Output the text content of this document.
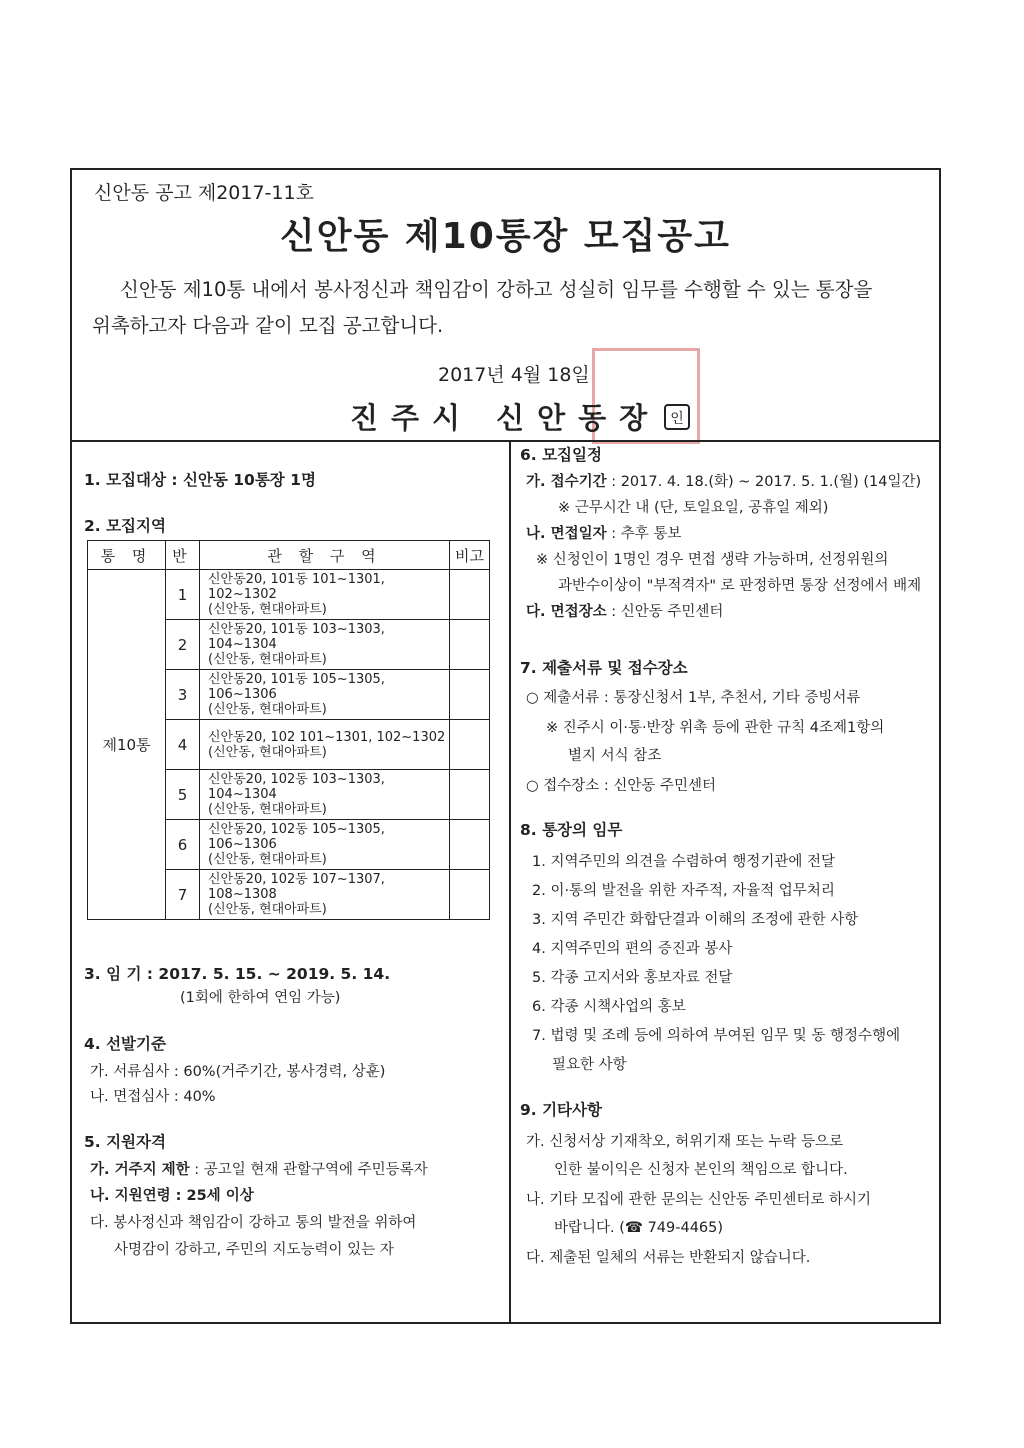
신안동 공고 제2017-11호
신안동 제10통장 모집공고
신안동 제10통 내에서 봉사정신과 책임감이 강하고 성실히 임무를 수행할 수 있는 통장을
위촉하고자 다음과 같이 모집 공고합니다.
2017년 4월 18일
진주시 신안동장 인
1. 모집대상 : 신안동 10통장 1명
2. 모집지역
통 명	반	관 할 구 역	비고
제10통	1	신안동20, 101동 101~1301, 102~1302
(신안동, 현대아파트)	

	2	신안동20, 101동 103~1303, 104~1304
(신안동, 현대아파트)	

	3	신안동20, 101동 105~1305, 106~1306
(신안동, 현대아파트)	

	4	신안동20, 102 101~1301, 102~1302
(신안동, 현대아파트)	

	5	신안동20, 102동 103~1303, 104~1304
(신안동, 현대아파트)	

	6	신안동20, 102동 105~1305, 106~1306
(신안동, 현대아파트)	

	7	신안동20, 102동 107~1307, 108~1308
(신안동, 현대아파트)	

3. 임 기 : 2017. 5. 15. ~ 2019. 5. 14.
(1회에 한하여 연임 가능)
4. 선발기준
가. 서류심사 : 60%(거주기간, 봉사경력, 상훈)
나. 면접심사 : 40%
5. 지원자격
가. 거주지 제한 : 공고일 현재 관할구역에 주민등록자
나. 지원연령 : 25세 이상
다. 봉사정신과 책임감이 강하고 통의 발전을 위하여
사명감이 강하고, 주민의 지도능력이 있는 자
6. 모집일정
가. 접수기간 : 2017. 4. 18.(화) ~ 2017. 5. 1.(월) (14일간)
※ 근무시간 내 (단, 토일요일, 공휴일 제외)
나. 면접일자 : 추후 통보
※ 신청인이 1명인 경우 면접 생략 가능하며, 선정위원의
과반수이상이 "부적격자" 로 판정하면 통장 선정에서 배제
다. 면접장소 : 신안동 주민센터
7. 제출서류 및 접수장소
○ 제출서류 : 통장신청서 1부, 추천서, 기타 증빙서류
※ 진주시 이·통·반장 위촉 등에 관한 규칙 4조제1항의
별지 서식 참조
○ 접수장소 : 신안동 주민센터
8. 통장의 임무
1. 지역주민의 의견을 수렴하여 행정기관에 전달
2. 이·통의 발전을 위한 자주적, 자율적 업무처리
3. 지역 주민간 화합단결과 이해의 조정에 관한 사항
4. 지역주민의 편의 증진과 봉사
5. 각종 고지서와 홍보자료 전달
6. 각종 시책사업의 홍보
7. 법령 및 조례 등에 의하여 부여된 임무 및 동 행정수행에
필요한 사항
9. 기타사항
가. 신청서상 기재착오, 허위기재 또는 누락 등으로
인한 불이익은 신청자 본인의 책임으로 합니다.
나. 기타 모집에 관한 문의는 신안동 주민센터로 하시기
바랍니다. (☎ 749-4465)
다. 제출된 일체의 서류는 반환되지 않습니다.
